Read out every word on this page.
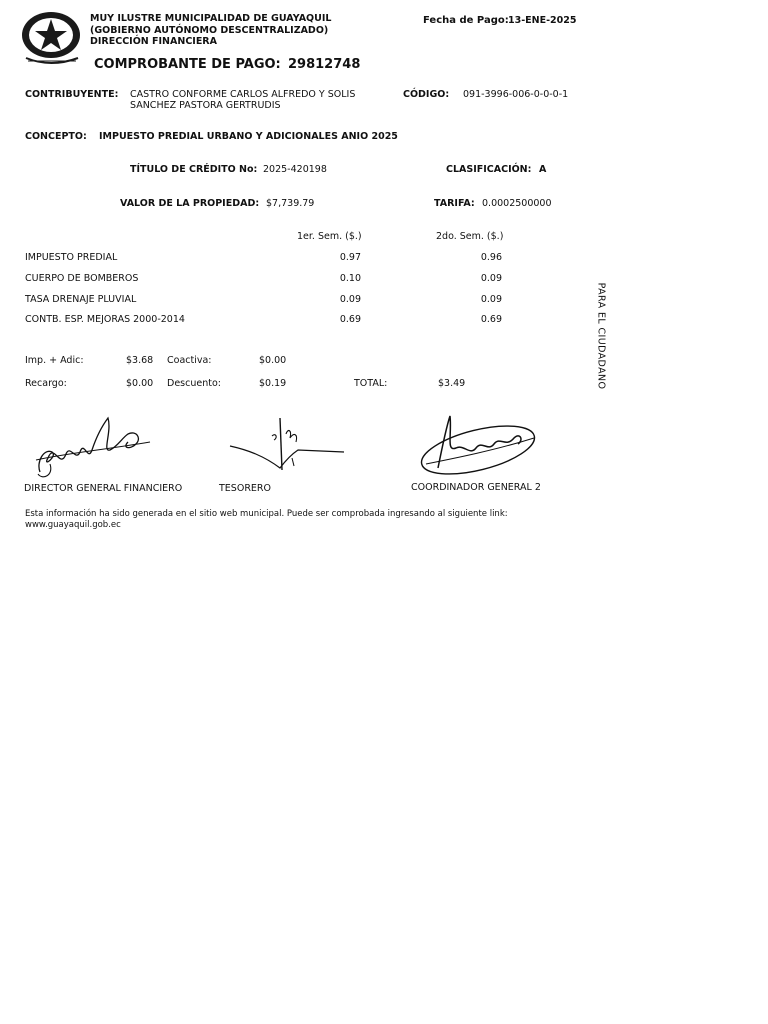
MUY ILUSTRE MUNICIPALIDAD DE GUAYAQUIL
(GOBIERNO AUTÓNOMO DESCENTRALIZADO)
DIRECCIÓN FINANCIERA
Fecha de Pago: 13-ENE-2025
COMPROBANTE DE PAGO: 29812748
CONTRIBUYENTE: CASTRO CONFORME CARLOS ALFREDO Y SOLIS
SANCHEZ PASTORA GERTRUDIS
CÓDIGO: 091-3996-006-0-0-0-1
CONCEPTO: IMPUESTO PREDIAL URBANO Y ADICIONALES ANIO 2025
TÍTULO DE CRÉDITO No: 2025-420198	CLASIFICACIÓN: A
VALOR DE LA PROPIEDAD: $7,739.79	TARIFA: 0.0002500000
1er. Sem. ($.)	2do. Sem. ($.)
IMPUESTO PREDIAL	0.97	0.96
CUERPO DE BOMBEROS	0.10	0.09
TASA DRENAJE PLUVIAL	0.09	0.09
CONTB. ESP. MEJORAS 2000-2014	0.69	0.69
Imp. + Adic:	$3.68 Coactiva:	$0.00
Recargo:	$0.00 Descuento:	$0.19	TOTAL:	$3.49
DIRECTOR GENERAL FINANCIERO	TESORERO	COORDINADOR GENERAL 2
Esta información ha sido generada en el sitio web municipal. Puede ser comprobada ingresando al siguiente link:
www.guayaquil.gob.ec
PARA EL CIUDADANO
